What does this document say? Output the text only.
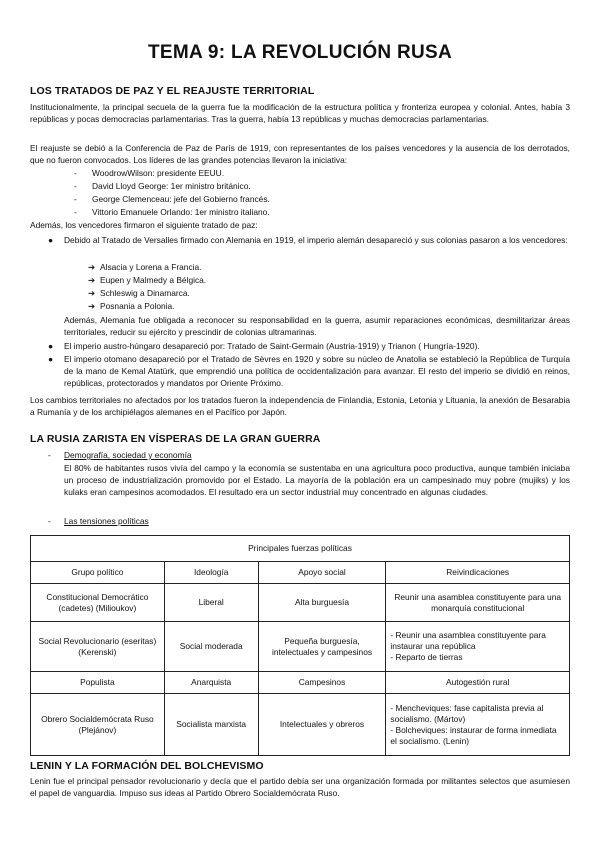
TEMA 9: LA REVOLUCIÓN RUSA
LOS TRATADOS DE PAZ Y EL REAJUSTE TERRITORIAL

Institucionalmente, la principal secuela de la guerra fue la modificación de la estructura política y fronteriza europea y colonial. Antes, había 3 repúblicas y pocas democracias parlamentarias. Tras la guerra, había 13 repúblicas y muchas democracias parlamentarias.

El reajuste se debió a la Conferencia de Paz de París de 1919, con representantes de los países vencedores y la ausencia de los derrotados, que no fueron convocados. Los líderes de las grandes potencias llevaron la iniciativa:

- WoodrowWilson: presidente EEUU.
- David Lloyd George: 1er ministro británico.
- George Clemenceau: jefe del Gobierno francés.
- Vittorio Emanuele Orlando: 1er ministro italiano.

Además, los vencedores firmaron el siguiente tratado de paz:

● Debido al Tratado de Versalles firmado con Alemania en 1919, el imperio alemán desapareció y sus colonias pasaron a los vencedores:

➔ Alsacia y Lorena a Francia.
➔ Eupen y Malmedy a Bélgica.
➔ Schleswig a Dinamarca.
➔ Posnania a Polonia.

Además, Alemania fue obligada a reconocer su responsabilidad en la guerra, asumir reparaciones económicas, desmilitarizar áreas territoriales, reducir su ejército y prescindir de colonias ultramarinas.

● El imperio austro-húngaro desapareció por: Tratado de Saint-Germain (Austria-1919) y Trianon ( Hungría-1920).

● El imperio otomano desapareció por el Tratado de Sèvres en 1920 y sobre su núcleo de Anatolia se estableció la República de Turquía de la mano de Kemal Atatürk, que emprendió una política de occidentalización para avanzar. El resto del imperio se dividió en reinos, repúblicas, protectorados y mandatos por Oriente Próximo.

Los cambios territoriales no afectados por los tratados fueron la independencia de Finlandia, Estonia, Letonia y Lituania, la anexión de Besarabia a Rumanía y de los archipiélagos alemanes en el Pacífico por Japón.

LA RUSIA ZARISTA EN VÍSPERAS DE LA GRAN GUERRA
- Demografía, sociedad y economía

El 80% de habitantes rusos vivía del campo y la economía se sustentaba en una agricultura poco productiva, aunque también iniciaba un proceso de industrialización promovido por el Estado. La mayoría de la población era un campesinado muy pobre (mujiks) y los kulaks eran campesinos acomodados. El resultado era un sector industrial muy concentrado en algunas ciudades.

- Las tensiones políticas
Principales fuerzas políticas			
Grupo político	Ideología	Apoyo social	Reivindicaciones
Constitucional Democrático (cadetes) (Milioukov)	Liberal	Alta burguesía	Reunir una asamblea constituyente para una monarquía constitucional
Social Revolucionario (eseritas) (Kerenski)	Social moderada	Pequeña burguesía, intelectuales y campesinos	- Reunir una asamblea constituyente para instaurar una república
- Reparto de tierras

Populista	Anarquista	Campesinos	Autogestión rural
Obrero Socialdemócrata Ruso (Plejánov)	Socialista marxista	Intelectuales y obreros	- Mencheviques: fase capitalista previa al socialismo. (Mártov)
- Bolcheviques: instaurar de forma inmediata el socialismo. (Lenin)
LENIN Y LA FORMACIÓN DEL BOLCHEVISMO

Lenin fue el principal pensador revolucionario y decía que el partido debía ser una organización formada por militantes selectos que asumiesen el papel de vanguardia. Impuso sus ideas al Partido Obrero Socialdemócrata Ruso.
